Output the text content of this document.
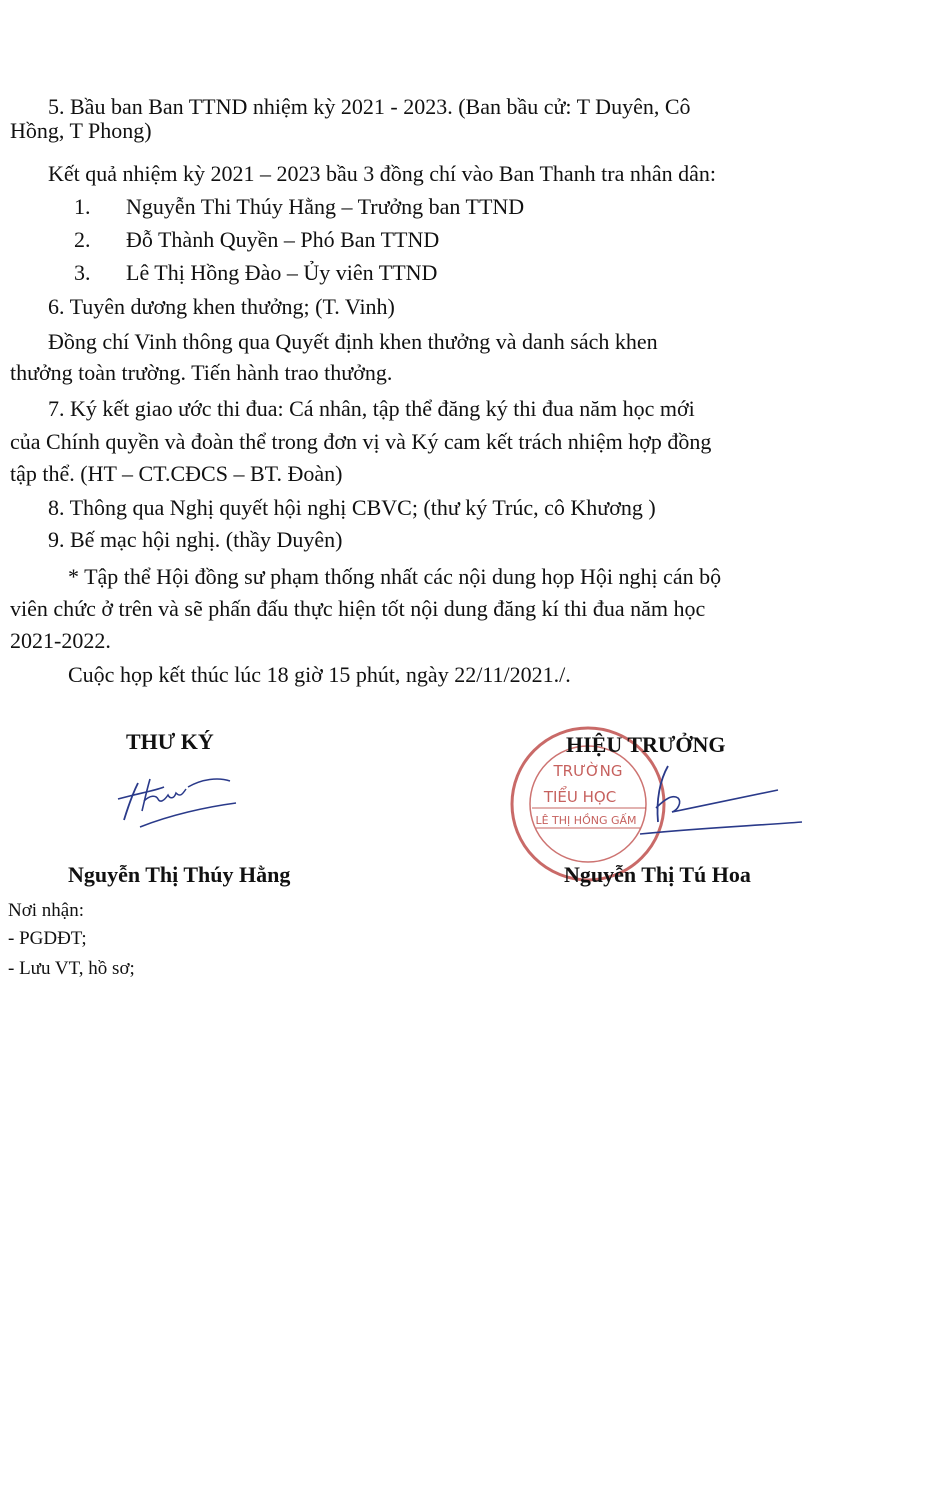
5. Bầu ban Ban TTND nhiệm kỳ 2021 - 2023. (Ban bầu cử: T Duyên, Cô
Hồng, T Phong)
Kết quả nhiệm kỳ 2021 – 2023 bầu 3 đồng chí vào Ban Thanh tra nhân dân:
1. Nguyễn Thi Thúy Hằng – Trưởng ban TTND
2. Đỗ Thành Quyền – Phó Ban TTND
3. Lê Thị Hồng Đào – Ủy viên TTND
6. Tuyên dương khen thưởng; (T. Vinh)
Đồng chí Vinh thông qua Quyết định khen thưởng và danh sách khen
thưởng toàn trường. Tiến hành trao thưởng.
7. Ký kết giao ước thi đua: Cá nhân, tập thể đăng ký thi đua năm học mới
của Chính quyền và đoàn thể trong đơn vị và Ký cam kết trách nhiệm hợp đồng
tập thể. (HT – CT.CĐCS – BT. Đoàn)
8. Thông qua Nghị quyết hội nghị CBVC; (thư ký Trúc, cô Khương )
9. Bế mạc hội nghị. (thầy Duyên)
* Tập thể Hội đồng sư phạm thống nhất các nội dung họp Hội nghị cán bộ
viên chức ở trên và sẽ phấn đấu thực hiện tốt nội dung đăng kí thi đua năm học
2021-2022.
Cuộc họp kết thúc lúc 18 giờ 15 phút, ngày 22/11/2021./.
THƯ KÝ
Nguyễn Thị Thúy Hằng
TRƯỜNG
TIỂU HỌC
LÊ THỊ HỒNG GẤM
HIỆU TRƯỞNG
Nguyễn Thị Tú Hoa
Nơi nhận:
- PGDĐT;
- Lưu VT, hồ sơ;
